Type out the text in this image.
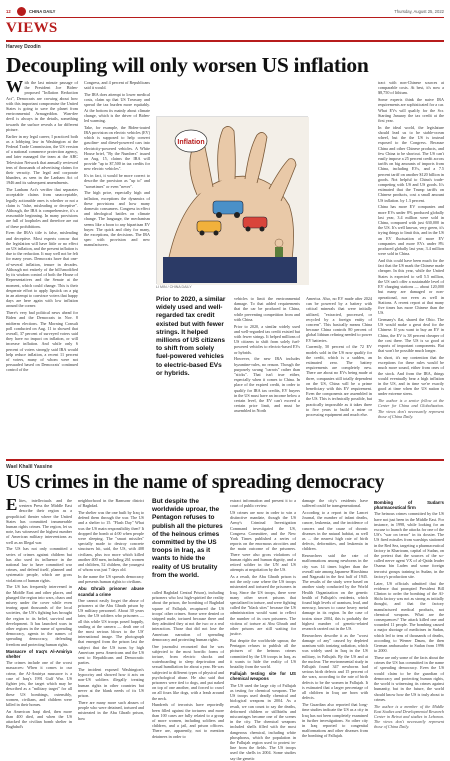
12	CHINA DAILY	Thursday, August 25, 2022
VIEWS
Harvey Dzodin
Decoupling will only worsen US inflation

With the last minute passage of the President Joe Biden-proposed "Inflation Reduction Act", Democrats are crowing about how with this important compromise the United States is going to save the planet from environmental Armageddon. Wan-dee devil is always in the details, something towards the surface reveals a far different picture.

Earlier in my legal career, I practiced both as a lobbying law in Washington at the Federal Trade Commission, the US version of a national commerce protection agency, and later managed the team at the ABC Television Network that annually reviewed tens of thousands of advertising claims for their veracity. The legal and corporate blunders, as seen in the Lanham Act of 1946 and its subsequent amendments.

The Lanham Act's verifier that separates acceptable claims from unacceptable, legally actionable ones is whether or not a claim is "false, misleading or deceptive". Although, the IRA is comprehensive, it's a reasonable beginning. In many provisions are full of loopholes and therefore are out of these prohibitions.

Even the IRA's title is false, misleading and deceptive. Most experts concur that the legislation will have little or no effect on US inflation, and the present inflation is due to the reduction. It may well not be felt for many years. Democrats have that one-of-several inflation, tenure in decades. Although not entirely of the bill'smodified by its wisdom control of both the House of Representatives and the Senate at the moment, which could change. This is their desperate effort to apply lipstick on a pig in an attempt to convince voters that happy days are here again with low inflation around the corner.

There's very bad political news ahead for Biden and the Democrats in Nov. 8 midterm elections. The Morning Consult poll conducted on Aug. 11 to showed that overall, 37 percent of surveyed voters said they have no impact on inflation, or will increase inflation. And while only 6 percent of voters strongly said IRA would help reduce inflation, a recent 11 percent of voters, many of whom were not persuaded based on Democrats' continued control of the

Inflation
LI MIN / CHINA DAILY

Congress, and 4 percent of Republicans said it would.

The IRA does attempt to lower medical costs, claim up that US Treasury and spread the tax burden more equitably. At the bottom its mainly about climate change, which is the driver of Biden-led warming.

Take, for example, the Biden-touted IRA provision on electric vehicles (EV) which is supposed to help convert gasoline- and diesel-powered cars into electricity-powered vehicles. A White House brief, "By the Numbers" issued on Aug. 15, claims the IRA will provide "up to $7,500 in tax credits for new electric vehicles".

It's in fact, it would be more correct to describe the provision as "up to" and "sometimes" or even "never".

The high price, especially high and inflation, exceptions the dynamics of these provisions and how many domestic consumers. Congress in effect and ideological battles on climate change. The language, the mechanism seems like a boon to any bipartisan EV buyer. The quick and dirty for many, the exceptions, the decisions. The IRA spec with provision and new manufacturers.

Prior to 2020, a similar widely used and well-regarded tax credit existed but with fewer strings. It helped millions of US citizens to shift from solely fuel-powered vehicles to electric-based EVs or hybrids.

vehicles to limit the environmental damage. To that added requirements that the car be produced in China, while preventing competition from and with China.

Prior to 2020, a similar widely used and well-regarded tax credit existed but with fewer strings. It helped millions of US citizens to shift from solely fuel-powered vehicles to electric-based EVs or hybrids.

However, the new IRA includes byzantine-rules, no reason. Though the purposely swung "carrots" rather than "sticks". That isn't true either, especially when it comes to China. In place of the expired credit, in order to qualify for IRA tax credits, EV buyers in the US must have an income below a certain level, the EV can't exceed a certain price limit, and must be assembled in North

America. Also, no EV made after 2024 can be powered by a battery with critical minerals that were initially utilized, "extracted, processed, or recycled by a foreign entity of concern". This basically means China because China controls 80 percent of global lithium refining needed to power EV batteries.

Currently, 50 percent of the 72 EV models sold in the US now qualify for the credit, which is a sudden, an estimated zero. The battery requirements are completely new. There are about no EVs being made at three, companies still totally dependent on the US, China will be a prime beneficiary with this EV requirement. Even the components are assembled in the US. This is technically possible, but practically impossible as it takes three to five years to build a mine or processing equipment and much else.

tract with non-Chinese sources at comparable costs. At best, it's now a $8,750 of lithium.

Some experts think the naive IRA requirements are sophisticated for a car. What EVs will qualify for the Scr. Starting January the tax credit at the first year.

In the ideal world, the legislature should lead us to be stable-ocean wheel, but the the US is instead exposed to the Congress. Because China and other Chinese products, and few China to be shortcut. The US can't easily impose a 25 percent credit across tariffs on big amounts of imports from China, including EVs, and a 7.5 percent tariff on another $120 billion in goods. Not helpful to China's trade-competing with US and US goods. It's estimated that the Trump tariffs on Chinese products, cost a small amount US inflation. by 1.3 percent.

China has more EV companies and more EVs under 8% produced globally last year, 3.4 million were sold in China, compared with just 630,000 in the US. It's well known, very green, it's trying things to limit this, and in the US an EV fluctuation of more EV companies and more EVs under 8% produced globally last year, 3.4 million were sold in China.

And this could have been much for the fact that the US mark the Chinese made cheaper. In this year, while the United States is expected to sell 5.5 million, the US can't offer a sustainable level of EV charging stations — about 120,000 but many are damaged or non-operational, nor even as well in Stations. A recent report at that many five times has more Chinese than the US.

Germany's flat, shared the Ohio. The US would make a great deal for the Chinese. If you want to buy an EV in China, the EV is 38 percent cheaper of the cost there. The US is so good at exports of important components. But that won't be possible much longer.

In short, it's my contention that the exceptions for these rules would be much more sound, either from ones of the stock. And from the IRA, things would eventually bear a high inflation in the US, and in time we're exactly good at time when the US nation is under extreme stress.

The author is a senior fellow at the Center for China and Globalization. The views don't necessarily represent those of China Daily.

Wael Khalil Yassine
US crimes in the name of spreading democracy

Elites, intellectuals and the western Press the Middle East describe their region as a geopolitical theater where the United States has committed innumerable human rights crimes. The region, let us note, has witnessed the highest number of American military interventions as well as an Illegal war.

The US has not only committed a series of crimes against children but has also used its influence in the national law to have committed war crimes, and defend itself, planned and systematic people, which are gross violations of human rights.

The US has frequently intervened in the Middle East and other places, and plunged the region into wars, chaos and misery under the cover while even tearing apart thousands of the local societies, the US's fighting has brought the region to its belief, survival and development. It has launched wars in other regions in the name of spreading democracy, agents in the names of spreading democracy, defending freedom and protecting human rights.

Massacre of Iraq's Al-Amiriya shelter

The crimes include one of the worst massacres: When it comes to our crime, the Al-Amiriya massacre is a case of Iraq's 1991 Gulf War. US fighter jets, the target which may be described as a "military target" for all these US bombings, ostensibly, women, civilians, and children were killed in their homes.

An American Iraqi died, then more than 400 died, and when the US attacked the civilian bomb shelter in Baghdad's

neighborhood in the Ramsonr district of Baghdad.

The shelter was the one built by Iraq to defend them through the war. The US and a shelter to 15. "Flash Day" What was the US main responsibility then? It dropped the bomb at 4:00 when people were sleeping. The "smart missiles" specially made to destroy concrete structures hit, said, the US, with 408 civilians, plus two more which killed another 400 men, including 261 women and children, 52 children, the youngest of whom was just 7 days old.

In the name the US spreads democracy and presents human rights to civilians.

Abu Ghraib prisoner abuse scandal a crime

One cannot easily forget the abuse of prisoners at the Abu Ghraib prison by US military personnel. About 30 years later, the US soldiers who prisoners — all this while US troops posed happily, smiling at the camera — dealt one of the most serious blows to the US' international image. The photograph that emerged from the prison last the subject that the US turns by high American press Americans and the US sent to Republicans and Democratic parties.

The incident exposed Washington's hypocrisy and showed how it acts on non-US soldiers illegally treating human rights in other countries but never at the blank needs of its US prison.

There are many more such abuses of people who were detained, tortured and mistreated in the Abu Ghraib prison, how

But despite the worldwide uproar, the Pentagon refuses to publish all the pictures of the heinous crimes committed by the US troops in Iraq, as it wants to hide the reality of US brutality from the world.

called Baghdad Central Prison), including prisoners who lost high-spirited the reality about the prison, the bombing of Baghdad square of Fallujah, recaptured the US troops' other crimes. Some were denied or stripped nude, tortured because there and they admitted they at not the two or a real interaction. Those that did not lose the American narration of spreading democracy and protecting human rights.

One journalist recounted that he was subjected to the most horrific forms of torture, from electric shocks and waterboarding to sleep deprivation and sexual humiliation for about a year. He was subjected to different types of physical and psychological abuse. He also said that prisoners were tied to dogs, and put naked on top of one another, and forced to crawl on all fours like dogs, with a leash around the neck.

Hundreds of terrorists have reportedly been filled against the torturers and more than 100 cases are fully related to a group of more women, including soldiers and children, and a jail, and prison officers. There are, apparently, not to mention detainees in order to

extract information and present it to a court of public review.

US crimes are now in order to win a distinctive mandate, though the US Army's Criminal Investigation Command investigated the US, Congress Committee, and the New York Times published a series of reports on the enormous atrocities and the main outcome of the prisoners. There were also gross violations of human rights and human dignity, and a retired soldier in the UN and US attempts at negotiation by the US.

As a result, the Abu Ghraib prison is not the only case where the US troops mistreated and tortured the prisoners in Iraq. Since the US troops, there were many other secret prisons that specialized in torture, and were fighting called the "black sites" because the US administration would want to reflect the number of its own prisoners. The victims of torture at Abu Ghraib and other prisons are still waiting for justice.

But despite the worldwide uproar, the Pentagon refuses to publish all the pictures of the heinous crimes committed by the US troops in Iraq, as it wants to hide the reality of US brutality from the world.

Fallujah testing site for US chemical weapons

The US used the large city of Fallujah as testing for chemical weapons. The US troops used deadly chemical and biological weapons in 2004. As a result, we can count to say the deaths, deformed children or stillbirths and miscarriages became one of the scenes in the city. The chemical weapons included shells filled with the most dangerous chemical, including white phosphorus, which the population in the Fallujah region used to protest in-line from the fields. The US troops used the shells in 2004. Some studies say the genetic

damage the city's residents have suffered could be transgenerational.

According to a report in the Lancet Journal, the number of infant deaths, cancer, leukemia, and the incidence of cancers and the cause of chronic diseases in the natural habitat, as well as ... the nearest high rate of birth defects, deformities, and leukemia in children.

Researchers said the rate of malformations among newborns in the city was 14 times higher than the overall rate among Japanese Hiroshima and Nagasaki in the first half of 1945. The results of the study were based on another study conducted by the World Health Organization on the genetic health of Fallujah's residents, which found high levels of uranium, lead, and mercury, known to cause heavy metal damage in its region. In the case of toxins since 2004, this is probably the highest number of genetic-related research carried out in the US.

Researchers describe it as the "worst damage of any" caused by depleted uranium with ionizing radiation, which was widely used in Iraq in the US military, in Fallujah. By the US and at the nuclear. The environmental study in Fallujah found 347 newborns had serious birth defects and 15 percent of the wars, according to the rate of birth defects to be the women in Fallujah. It is estimated that a larger percentage of all children in Iraq are born with defects.

The Guardian also reported that long-time studies indicate the US as a city in Iraq has not been completely examined in further investigations. So other city in Iraq reported to congenital malformations and other diseases from the bombing of Fallujah.

Bombing of Sudan's pharmaceutical firm

The heinous crimes committed by the US have not just been in the Middle East. For instance, in 1998, while looking for an excuse to launch the attacks for one of the US's "war on terror" in its dossier. The US fired missiles from warships stationed in the Red Sea, targeting a pharmaceutical factory in Khartoum, capital of Sudan, on the pretext that the sources of the so-called nerve agent VX of al-Qaida leader Osama bin Laden and some foreign terrorist groups training in Sudan, in the factory's production site.

Later, US officials admitted that the evidence that prompted President Bill Clinton to order the bombing of the Al-Shifa factory was not as strong as initially thought, and that the factory manufactured medical products, not chemical weapons. What are the consequences? The attack killed one and wounded 11 people. The bombing caused a major shortage of medicines in Sudan, which led to tens of thousands of deaths, according to Werner Daum, the then German ambassador to Sudan from 1996 to 2000.

These are only some of the facts about the crimes the US has committed in the name of spreading democracy. Even the US would claim to be the guardian of democracy and protecting human rights, the world is witnessing its crimes against humanity, but in the future, the world should know how the US is truly about to crimes.

The author is a member of the Middle East Studies and Developmental Research Center in Beirut and studies in Lebanon. The views don't necessarily represent those of China Daily.
